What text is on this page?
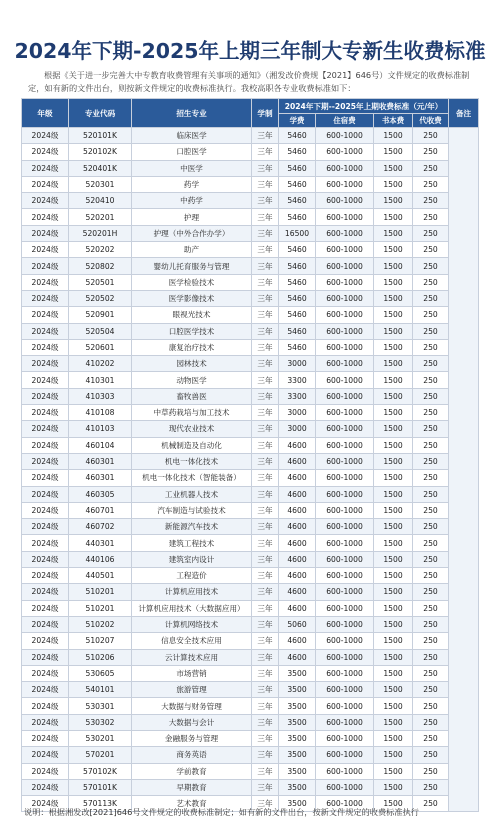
2024年下期-2025年上期三年制大专新生收费标准
根据《关于进一步完善大中专教育收费管理有关事项的通知》（湘发改价费规【2021】646号）文件规定的收费标准制定，如有新的文件出台，则按新文件规定的收费标准执行。我校高职各专业收费标准如下：
年级	专业代码	招生专业	学制	2024年下期--2025年上期收费标准（元/年）				备注
				学费	住宿费	书本费	代收费	
2024级	520101K	临床医学	三年	5460	600-1000	1500	250	
2024级	520102K	口腔医学	三年	5460	600-1000	1500	250	
2024级	520401K	中医学	三年	5460	600-1000	1500	250	
2024级	520301	药学	三年	5460	600-1000	1500	250	
2024级	520410	中药学	三年	5460	600-1000	1500	250	
2024级	520201	护理	三年	5460	600-1000	1500	250	
2024级	520201H	护理（中外合作办学）	三年	16500	600-1000	1500	250	
2024级	520202	助产	三年	5460	600-1000	1500	250	
2024级	520802	婴幼儿托育服务与管理	三年	5460	600-1000	1500	250	
2024级	520501	医学检验技术	三年	5460	600-1000	1500	250	
2024级	520502	医学影像技术	三年	5460	600-1000	1500	250	
2024级	520901	眼视光技术	三年	5460	600-1000	1500	250	
2024级	520504	口腔医学技术	三年	5460	600-1000	1500	250	
2024级	520601	康复治疗技术	三年	5460	600-1000	1500	250	
2024级	410202	园林技术	三年	3000	600-1000	1500	250	
2024级	410301	动物医学	三年	3300	600-1000	1500	250	
2024级	410303	畜牧兽医	三年	3300	600-1000	1500	250	
2024级	410108	中草药栽培与加工技术	三年	3000	600-1000	1500	250	
2024级	410103	现代农业技术	三年	3000	600-1000	1500	250	
2024级	460104	机械制造及自动化	三年	4600	600-1000	1500	250	
2024级	460301	机电一体化技术	三年	4600	600-1000	1500	250	
2024级	460301	机电一体化技术（智能装备）	三年	4600	600-1000	1500	250	
2024级	460305	工业机器人技术	三年	4600	600-1000	1500	250	
2024级	460701	汽车制造与试验技术	三年	4600	600-1000	1500	250	
2024级	460702	新能源汽车技术	三年	4600	600-1000	1500	250	
2024级	440301	建筑工程技术	三年	4600	600-1000	1500	250	
2024级	440106	建筑室内设计	三年	4600	600-1000	1500	250	
2024级	440501	工程造价	三年	4600	600-1000	1500	250	
2024级	510201	计算机应用技术	三年	4600	600-1000	1500	250	
2024级	510201	计算机应用技术（大数据应用）	三年	4600	600-1000	1500	250	
2024级	510202	计算机网络技术	三年	5060	600-1000	1500	250	
2024级	510207	信息安全技术应用	三年	4600	600-1000	1500	250	
2024级	510206	云计算技术应用	三年	4600	600-1000	1500	250	
2024级	530605	市场营销	三年	3500	600-1000	1500	250	
2024级	540101	旅游管理	三年	3500	600-1000	1500	250	
2024级	530301	大数据与财务管理	三年	3500	600-1000	1500	250	
2024级	530302	大数据与会计	三年	3500	600-1000	1500	250	
2024级	530201	金融服务与管理	三年	3500	600-1000	1500	250	
2024级	570201	商务英语	三年	3500	600-1000	1500	250	
2024级	570102K	学前教育	三年	3500	600-1000	1500	250	
2024级	570101K	早期教育	三年	3500	600-1000	1500	250	
2024级	570113K	艺术教育	三年	3500	600-1000	1500	250	
说明：根据湘发改[2021]646号文件规定的收费标准制定；如有新的文件出台，按新文件规定的收费标准执行
